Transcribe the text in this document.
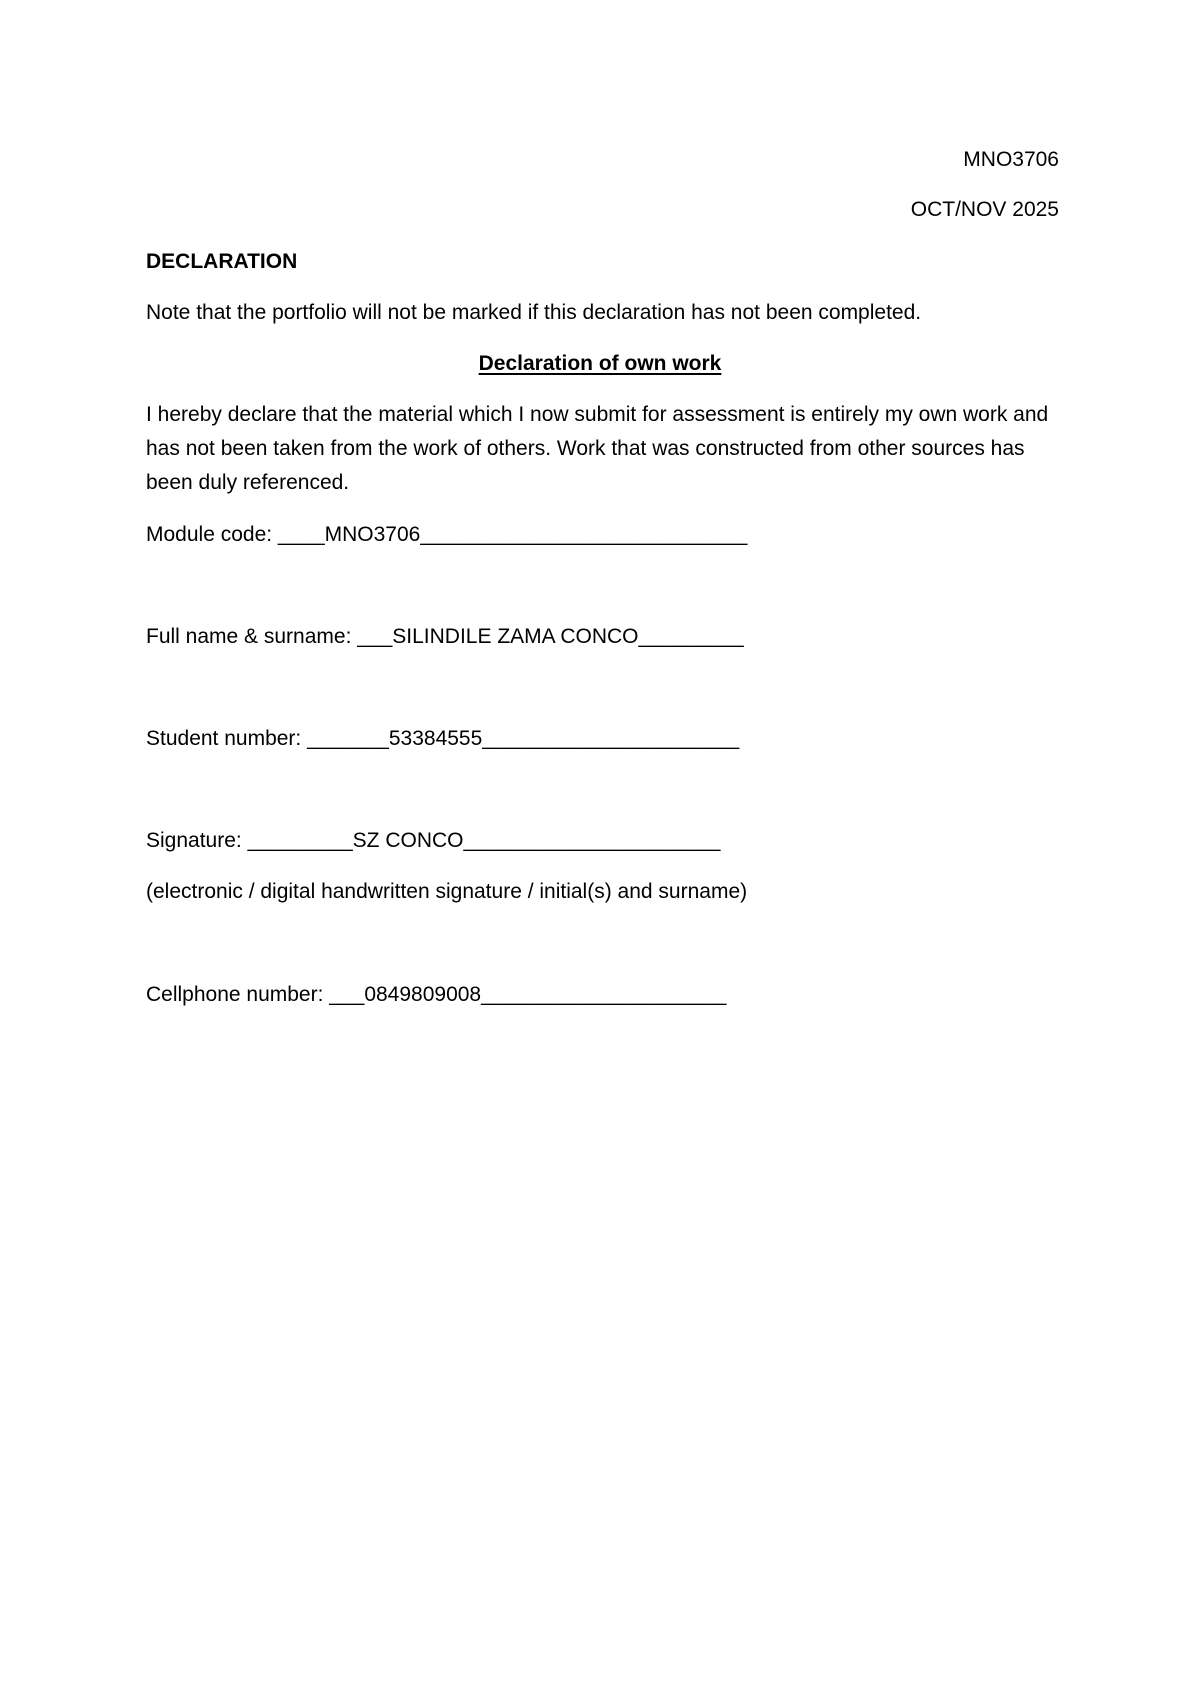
MNO3706
OCT/NOV 2025
DECLARATION
Note that the portfolio will not be marked if this declaration has not been completed.
Declaration of own work
I hereby declare that the material which I now submit for assessment is entirely my own work and has not been taken from the work of others. Work that was constructed from other sources has been duly referenced.
Module code: ____MNO3706____________________________
Full name & surname: ___SILINDILE ZAMA CONCO_________
Student number: _______53384555______________________
Signature: _________SZ CONCO______________________
(electronic / digital handwritten signature / initial(s) and surname)
Cellphone number: ___0849809008_____________________
